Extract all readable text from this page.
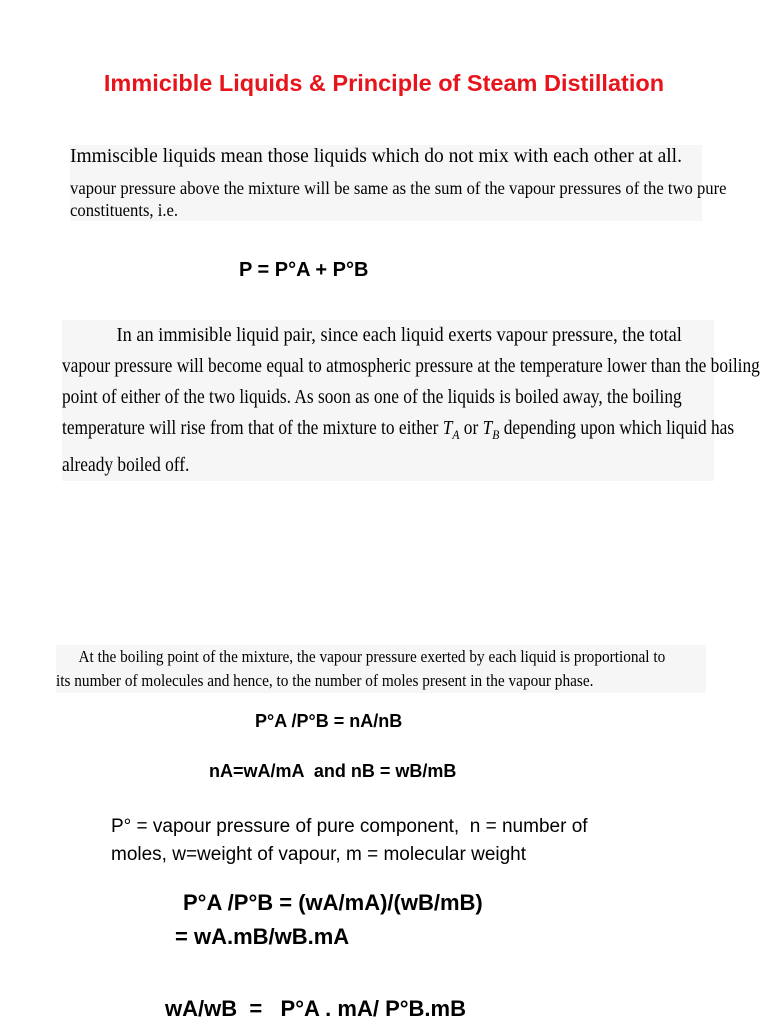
Immicible Liquids & Principle of Steam Distillation
Immiscible liquids mean those liquids which do not mix with each other at all.
vapour pressure above the mixture will be same as the sum of the vapour pressures of the two pure
constituents, i.e.
P = P°A + P°B
In an immisible liquid pair, since each liquid exerts vapour pressure, the total
vapour pressure will become equal to atmospheric pressure at the temperature lower than the boiling
point of either of the two liquids. As soon as one of the liquids is boiled away, the boiling
temperature will rise from that of the mixture to either $T_A$ or $T_B$ depending upon which liquid has
already boiled off.
At the boiling point of the mixture, the vapour pressure exerted by each liquid is proportional to
its number of molecules and hence, to the number of moles present in the vapour phase.
P°A /P°B = nA/nB
nA=wA/mA  and nB = wB/mB
P° = vapour pressure of pure component,  n = number of
moles, w=weight of vapour, m = molecular weight
P°A /P°B = (wA/mA)/(wB/mB)
= wA.mB/wB.mA
wA/wB  =   P°A . mA/ P°B.mB
